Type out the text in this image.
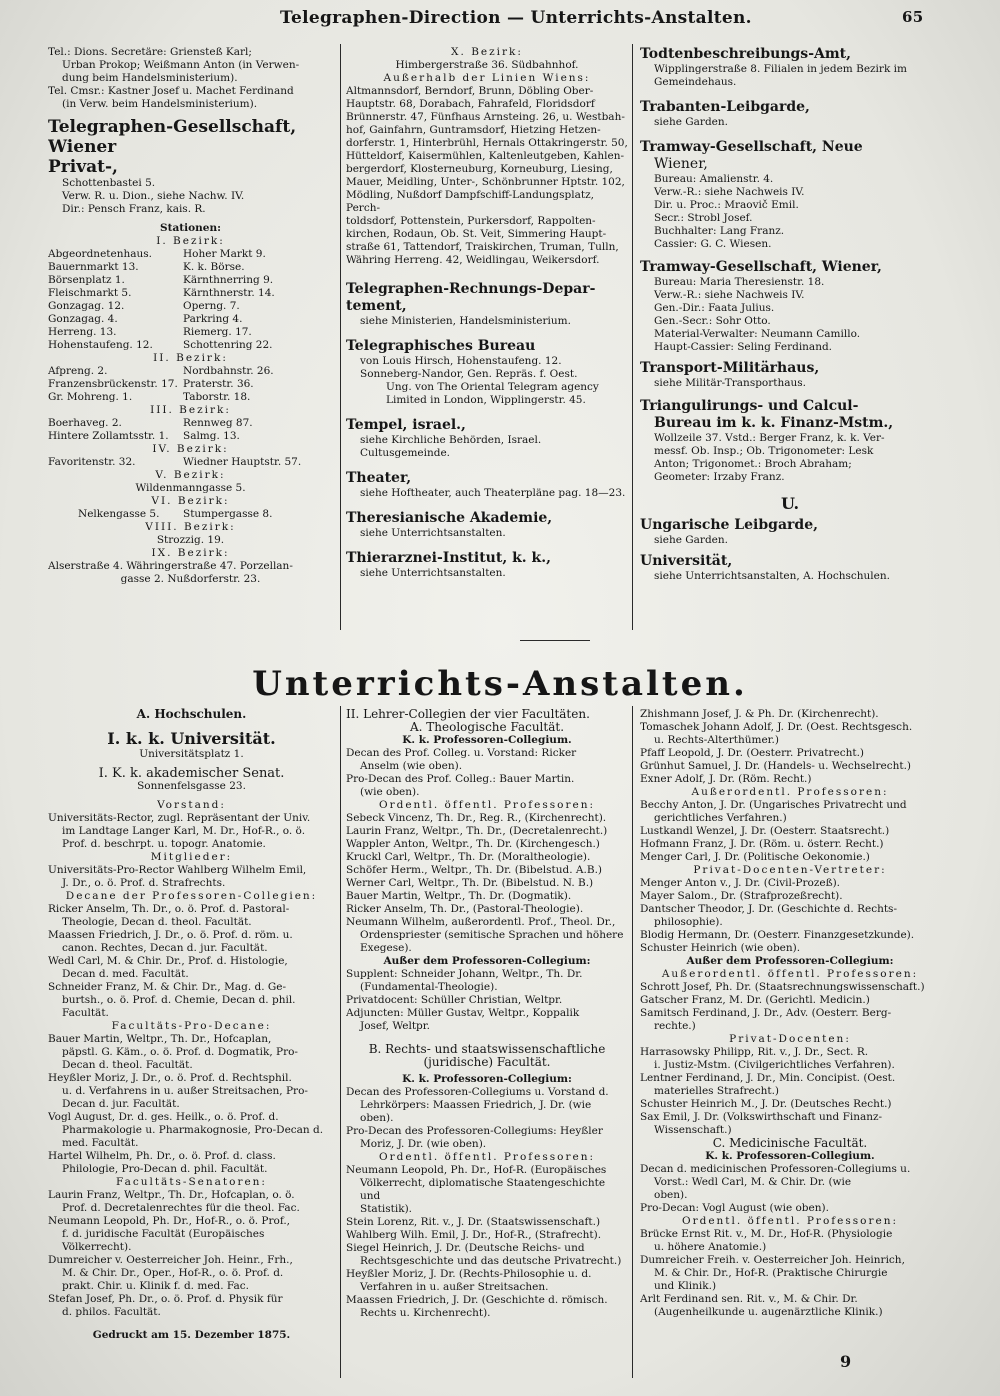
Telegraphen-Direction — Unterrichts-Anstalten.	65

Tel.: Dions. Secretäre: Griensteß Karl;

Urban Prokop; Weißmann Anton (in Verwen-

dung beim Handelsministerium).

Tel. Cmsr.: Kastner Josef u. Machet Ferdinand

(in Verw. beim Handelsministerium).

Telegraphen-Gesellschaft, Wiener

Privat-,

Schottenbastei 5.

Verw. R. u. Dion., siehe Nachw. IV.

Dir.: Pensch Franz, kais. R.

Stationen:

I. Bezirk:

Abgeordnetenhaus.	Hoher Markt 9.
Bauernmarkt 13.	K. k. Börse.
Börsenplatz 1.	Kärnthnerring 9.
Fleischmarkt 5.	Kärnthnerstr. 14.
Gonzagag. 12.	Operng. 7.
Gonzagag. 4.	Parkring 4.
Herreng. 13.	Riemerg. 17.
Hohenstaufeng. 12.	Schottenring 22.

II. Bezirk:

Afpreng. 2.	Nordbahnstr. 26.
Franzensbrückenstr. 17. Praterstr. 36.
Gr. Mohreng. 1.	Taborstr. 18.

III. Bezirk:

Boerhaveg. 2.	Rennweg 87.
Hintere Zollamtsstr. 1. Salmg. 13.

IV. Bezirk:

Favoritenstr. 32.	Wiedner Hauptstr. 57.

V. Bezirk:

Wildenmanngasse 5.

VI. Bezirk:

Nelkengasse 5. Stumpergasse 8.

VIII. Bezirk:

Strozzig. 19.

IX. Bezirk:

Alserstraße 4. Währingerstraße 47. Porzellan-

gasse 2. Nußdorferstr. 23.

X. Bezirk:

Himbergerstraße 36. Südbahnhof.

Außerhalb der Linien Wiens:

Altmannsdorf, Berndorf, Brunn, Döbling Ober-

Hauptstr. 68, Dorabach, Fahrafeld, Floridsdorf

Brünnerstr. 47, Fünfhaus Arnsteing. 26, u. Westbah-

hof, Gainfahrn, Guntramsdorf, Hietzing Hetzen-

dorferstr. 1, Hinterbrühl, Hernals Ottakringerstr. 50,

Hütteldorf, Kaisermühlen, Kaltenleutgeben, Kahlen-

bergerdorf, Klosterneuburg, Korneuburg, Liesing,

Mauer, Meidling, Unter-, Schönbrunner Hptstr. 102,

Mödling, Nußdorf Dampfschiff-Landungsplatz, Perch-

toldsdorf, Pottenstein, Purkersdorf, Rappolten-

kirchen, Rodaun, Ob. St. Veit, Simmering Haupt-

straße 61, Tattendorf, Traiskirchen, Truman, Tulln,

Währing Herreng. 42, Weidlingau, Weikersdorf.

Telegraphen-Rechnungs-Depar-

tement,

siehe Ministerien, Handelsministerium.

Telegraphisches Bureau

von Louis Hirsch, Hohenstaufeng. 12.

Sonneberg-Nandor, Gen. Repräs. f. Oest.

Ung. von The Oriental Telegram agency

Limited in London, Wipplingerstr. 45.

Tempel, israel.,

siehe Kirchliche Behörden, Israel. Cultusgemeinde.

Theater,

siehe Hoftheater, auch Theaterpläne pag. 18—23.

Theresianische Akademie,

siehe Unterrichtsanstalten.

Thierarznei-Institut, k. k.,

siehe Unterrichtsanstalten.

Todtenbeschreibungs-Amt,

Wipplingerstraße 8. Filialen in jedem Bezirk im

Gemeindehaus.

Trabanten-Leibgarde,

siehe Garden.

Tramway-Gesellschaft, Neue

Wiener,

Bureau: Amalienstr. 4.

Verw.-R.: siehe Nachweis IV.

Dir. u. Proc.: Mraovič Emil.

Secr.: Strobl Josef.

Buchhalter: Lang Franz.

Cassier: G. C. Wiesen.

Tramway-Gesellschaft, Wiener,

Bureau: Maria Theresienstr. 18.

Verw.-R.: siehe Nachweis IV.

Gen.-Dir.: Faata Julius.

Gen.-Secr.: Sohr Otto.

Material-Verwalter: Neumann Camillo.

Haupt-Cassier: Seling Ferdinand.

Transport-Militärhaus,

siehe Militär-Transporthaus.

Triangulirungs- und Calcul-

Bureau im k. k. Finanz-Mstm.,

Wollzeile 37. Vstd.: Berger Franz, k. k. Ver-

messf. Ob. Insp.; Ob. Trigonometer: Lesk

Anton; Trigonomet.: Broch Abraham;

Geometer: Irzaby Franz.

U.

Ungarische Leibgarde,

siehe Garden.

Universität,

siehe Unterrichtsanstalten, A. Hochschulen.

Unterrichts-Anstalten.

A. Hochschulen.

I. k. k. Universität.

Universitätsplatz 1.

I. K. k. akademischer Senat.

Sonnenfelsgasse 23.

Vorstand:

Universitäts-Rector, zugl. Repräsentant der Univ.

im Landtage Langer Karl, M. Dr., Hof-R., o. ö.

Prof. d. beschrpt. u. topogr. Anatomie.

Mitglieder:

Universitäts-Pro-Rector Wahlberg Wilhelm Emil,

J. Dr., o. ö. Prof. d. Strafrechts.

Decane der Professoren-Collegien:

Ricker Anselm, Th. Dr., o. ö. Prof. d. Pastoral-

Theologie, Decan d. theol. Facultät.

Maassen Friedrich, J. Dr., o. ö. Prof. d. röm. u.

canon. Rechtes, Decan d. jur. Facultät.

Wedl Carl, M. & Chir. Dr., Prof. d. Histologie,

Decan d. med. Facultät.

Schneider Franz, M. & Chir. Dr., Mag. d. Ge-

burtsh., o. ö. Prof. d. Chemie, Decan d. phil.

Facultät.

Facultäts-Pro-Decane:

Bauer Martin, Weltpr., Th. Dr., Hofcaplan,

päpstl. G. Käm., o. ö. Prof. d. Dogmatik, Pro-

Decan d. theol. Facultät.

Heyßler Moriz, J. Dr., o. ö. Prof. d. Rechtsphil.

u. d. Verfahrens in u. außer Streitsachen, Pro-

Decan d. jur. Facultät.

Vogl August, Dr. d. ges. Heilk., o. ö. Prof. d.

Pharmakologie u. Pharmakognosie, Pro-Decan d.

med. Facultät.

Hartel Wilhelm, Ph. Dr., o. ö. Prof. d. class.

Philologie, Pro-Decan d. phil. Facultät.

Facultäts-Senatoren:

Laurin Franz, Weltpr., Th. Dr., Hofcaplan, o. ö.

Prof. d. Decretalenrechtes für die theol. Fac.

Neumann Leopold, Ph. Dr., Hof-R., o. ö. Prof.,

f. d. juridische Facultät (Europäisches Völkerrecht).

Dumreicher v. Oesterreicher Joh. Heinr., Frh.,

M. & Chir. Dr., Oper., Hof-R., o. ö. Prof. d.

prakt. Chir. u. Klinik f. d. med. Fac.

Stefan Josef, Ph. Dr., o. ö. Prof. d. Physik für

d. philos. Facultät.

Gedruckt am 15. Dezember 1875.

II. Lehrer-Collegien der vier Facultäten.

A. Theologische Facultät.

K. k. Professoren-Collegium.

Decan des Prof. Colleg. u. Vorstand: Ricker

Anselm (wie oben).

Pro-Decan des Prof. Colleg.: Bauer Martin.

(wie oben).

Ordentl. öffentl. Professoren:

Sebeck Vincenz, Th. Dr., Reg. R., (Kirchenrecht).

Laurin Franz, Weltpr., Th. Dr., (Decretalenrecht.)

Wappler Anton, Weltpr., Th. Dr. (Kirchengesch.)

Kruckl Carl, Weltpr., Th. Dr. (Moraltheologie).

Schöfer Herm., Weltpr., Th. Dr. (Bibelstud. A.B.)

Werner Carl, Weltpr., Th. Dr. (Bibelstud. N. B.)

Bauer Martin, Weltpr., Th. Dr. (Dogmatik).

Ricker Anselm, Th. Dr., (Pastoral-Theologie).

Neumann Wilhelm, außerordentl. Prof., Theol. Dr.,

Ordenspriester (semitische Sprachen und höhere

Exegese).

Außer dem Professoren-Collegium:

Supplent: Schneider Johann, Weltpr., Th. Dr.

(Fundamental-Theologie).

Privatdocent: Schüller Christian, Weltpr.

Adjuncten: Müller Gustav, Weltpr., Koppalik

Josef, Weltpr.

B. Rechts- und staatswissenschaftliche

(juridische) Facultät.

K. k. Professoren-Collegium:

Decan des Professoren-Collegiums u. Vorstand d.

Lehrkörpers: Maassen Friedrich, J. Dr. (wie

oben).

Pro-Decan des Professoren-Collegiums: Heyßler

Moriz, J. Dr. (wie oben).

Ordentl. öffentl. Professoren:

Neumann Leopold, Ph. Dr., Hof-R. (Europäisches

Völkerrecht, diplomatische Staatengeschichte und

Statistik).

Stein Lorenz, Rit. v., J. Dr. (Staatswissenschaft.)

Wahlberg Wilh. Emil, J. Dr., Hof-R., (Strafrecht).

Siegel Heinrich, J. Dr. (Deutsche Reichs- und

Rechtsgeschichte und das deutsche Privatrecht.)

Heyßler Moriz, J. Dr. (Rechts-Philosophie u. d.

Verfahren in u. außer Streitsachen.

Maassen Friedrich, J. Dr. (Geschichte d. römisch.

Rechts u. Kirchenrecht).

Zhishmann Josef, J. & Ph. Dr. (Kirchenrecht).

Tomaschek Johann Adolf, J. Dr. (Oest. Rechtsgesch.

u. Rechts-Alterthümer.)

Pfaff Leopold, J. Dr. (Oesterr. Privatrecht.)

Grünhut Samuel, J. Dr. (Handels- u. Wechselrecht.)

Exner Adolf, J. Dr. (Röm. Recht.)

Außerordentl. Professoren:

Becchy Anton, J. Dr. (Ungarisches Privatrecht und

gerichtliches Verfahren.)

Lustkandl Wenzel, J. Dr. (Oesterr. Staatsrecht.)

Hofmann Franz, J. Dr. (Röm. u. österr. Recht.)

Menger Carl, J. Dr. (Politische Oekonomie.)

Privat-Docenten-Vertreter:

Menger Anton v., J. Dr. (Civil-Prozeß).

Mayer Salom., Dr. (Strafprozeßrecht).

Dantscher Theodor, J. Dr. (Geschichte d. Rechts-

philosophie).

Blodig Hermann, Dr. (Oesterr. Finanzgesetzkunde).

Schuster Heinrich (wie oben).

Außer dem Professoren-Collegium:

Außerordentl. öffentl. Professoren:

Schrott Josef, Ph. Dr. (Staatsrechnungswissenschaft.)

Gatscher Franz, M. Dr. (Gerichtl. Medicin.)

Samitsch Ferdinand, J. Dr., Adv. (Oesterr. Berg-

rechte.)

Privat-Docenten:

Harrasowsky Philipp, Rit. v., J. Dr., Sect. R.

i. Justiz-Mstm. (Civilgerichtliches Verfahren).

Lentner Ferdinand, J. Dr., Min. Concipist. (Oest.

materielles Strafrecht.)

Schuster Heinrich M., J. Dr. (Deutsches Recht.)

Sax Emil, J. Dr. (Volkswirthschaft und Finanz-

Wissenschaft.)

C. Medicinische Facultät.

K. k. Professoren-Collegium.

Decan d. medicinischen Professoren-Collegiums u.

Vorst.: Wedl Carl, M. & Chir. Dr. (wie

oben).

Pro-Decan: Vogl August (wie oben).

Ordentl. öffentl. Professoren:

Brücke Ernst Rit. v., M. Dr., Hof-R. (Physiologie

u. höhere Anatomie.)

Dumreicher Freih. v. Oesterreicher Joh. Heinrich,

M. & Chir. Dr., Hof-R. (Praktische Chirurgie

und Klinik.)

Arlt Ferdinand sen. Rit. v., M. & Chir. Dr.

(Augenheilkunde u. augenärztliche Klinik.)

9
